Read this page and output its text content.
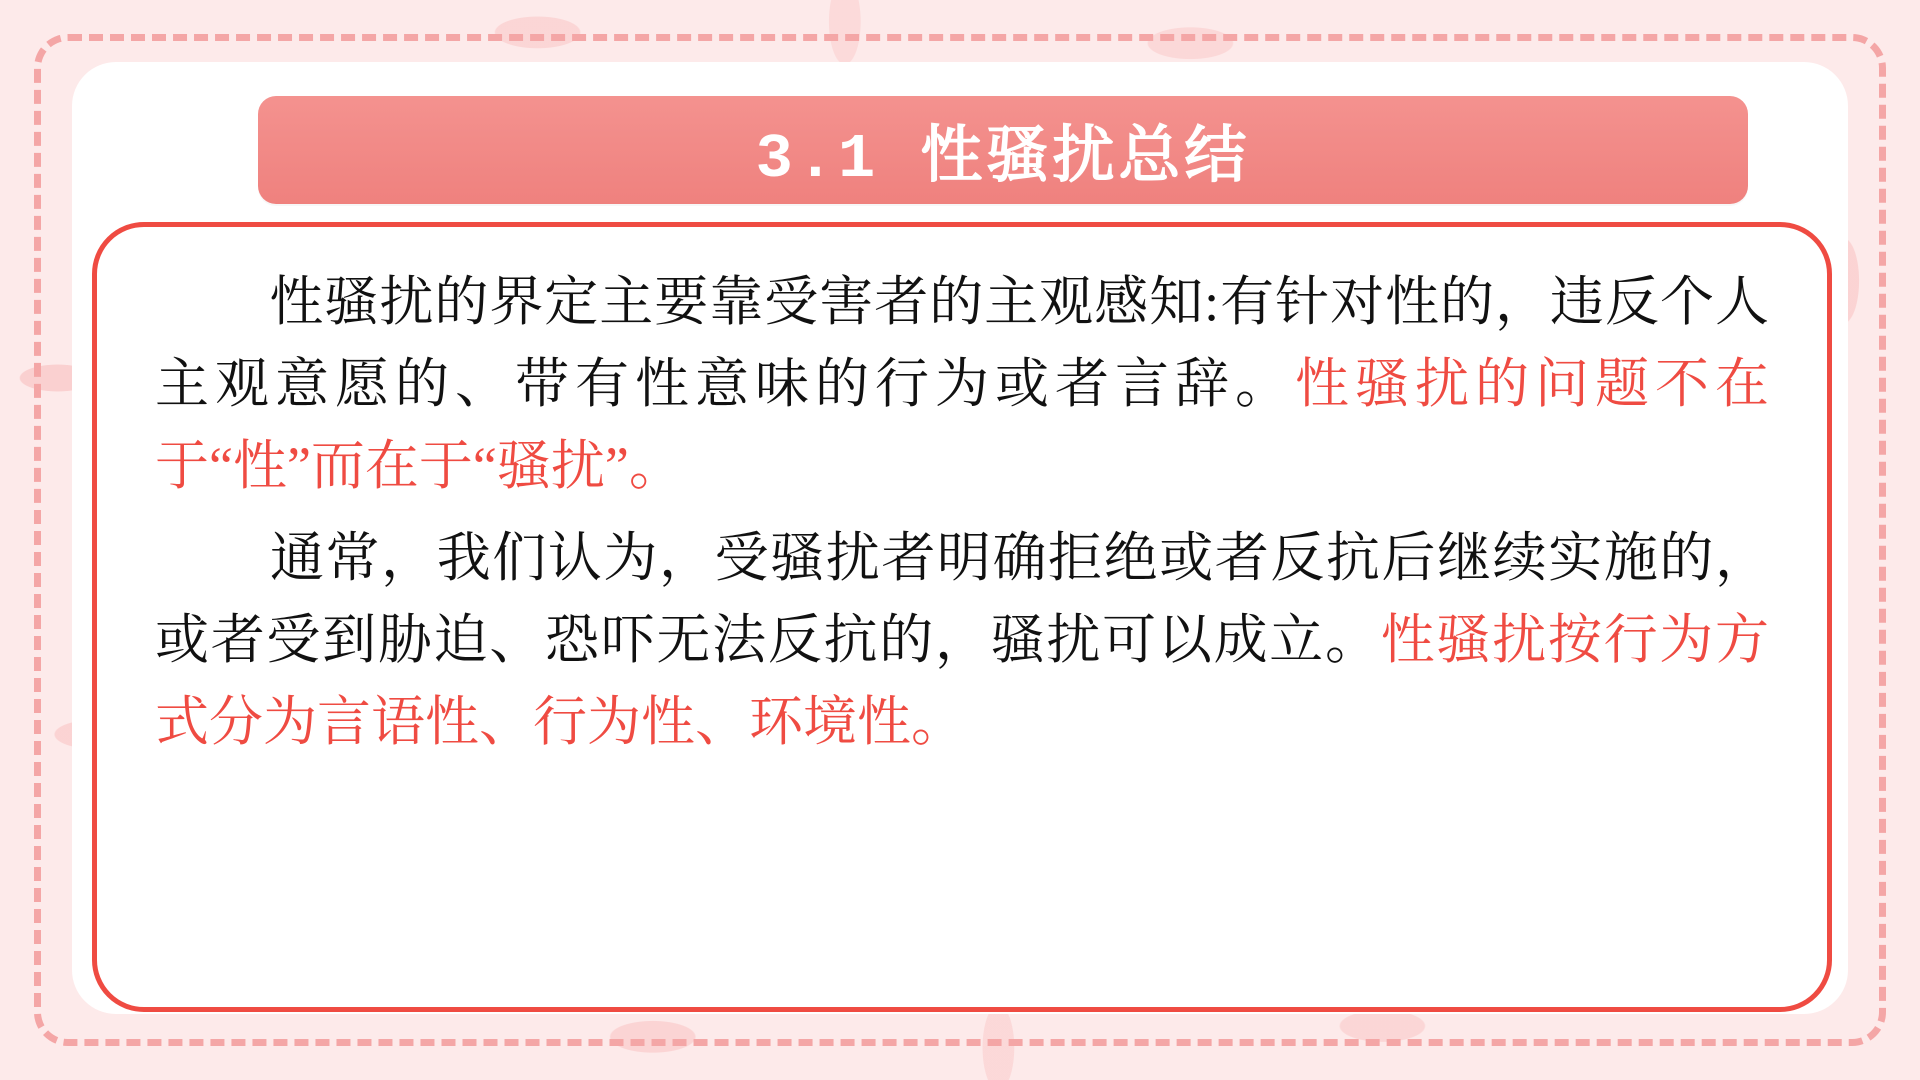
3.1 性骚扰总结

性骚扰的界定主要靠受害者的主观感知:有针对性的，违反个人主观意愿的、带有性意味的行为或者言辞。性骚扰的问题不在于“性”而在于“骚扰”。

通常，我们认为，受骚扰者明确拒绝或者反抗后继续实施的，或者受到胁迫、恐吓无法反抗的，骚扰可以成立。性骚扰按行为方式分为言语性、行为性、环境性。
